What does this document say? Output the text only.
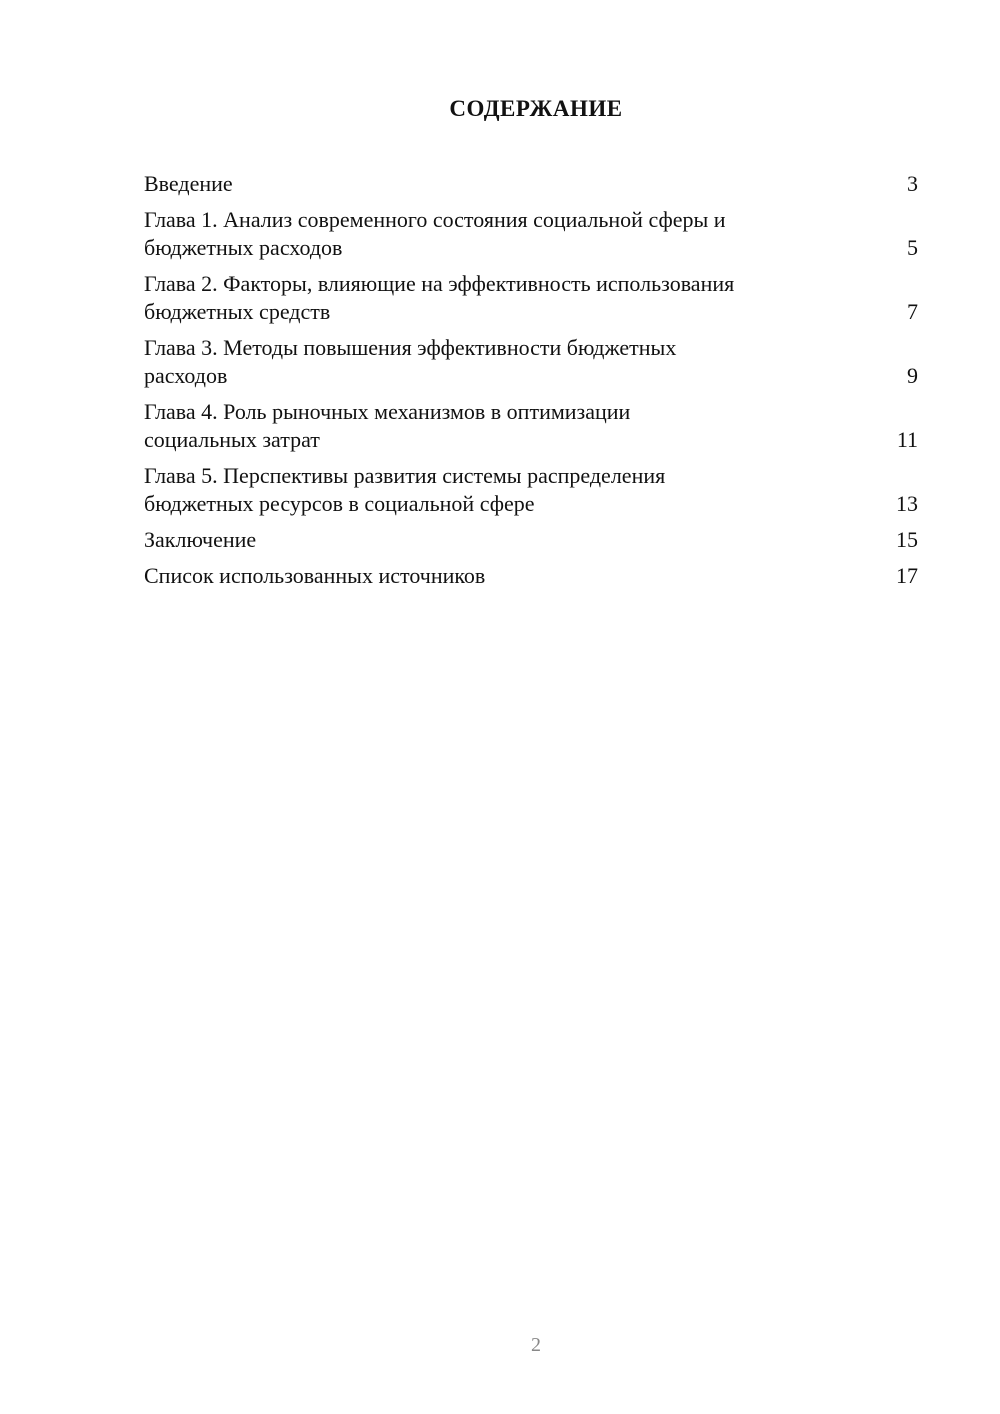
СОДЕРЖАНИЕ
Введение	3
Глава 1. Анализ современного состояния социальной сферы и
бюджетных расходов	5
Глава 2. Факторы, влияющие на эффективность использования
бюджетных средств	7
Глава 3. Методы повышения эффективности бюджетных
расходов	9
Глава 4. Роль рыночных механизмов в оптимизации
социальных затрат	11
Глава 5. Перспективы развития системы распределения
бюджетных ресурсов в социальной сфере	13
Заключение	15
Список использованных источников	17
2
